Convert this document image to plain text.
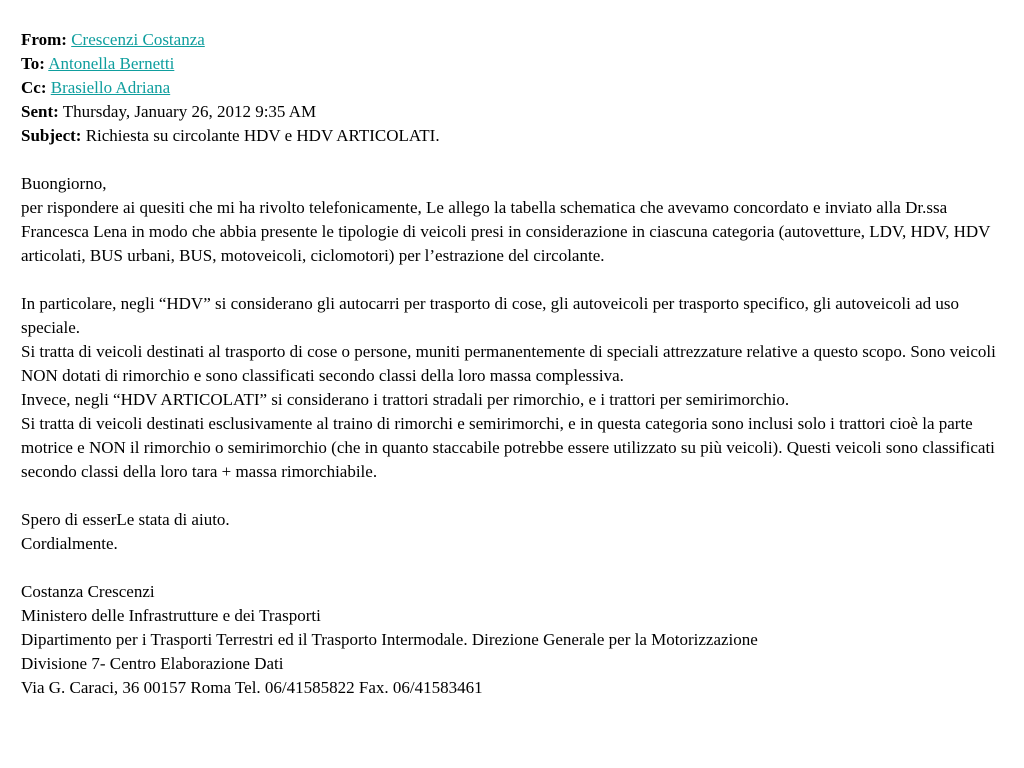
From: Crescenzi Costanza
To: Antonella Bernetti
Cc: Brasiello Adriana
Sent: Thursday, January 26, 2012 9:35 AM
Subject: Richiesta su circolante HDV e HDV ARTICOLATI.

Buongiorno,

per rispondere ai quesiti che mi ha rivolto telefonicamente, Le allego la tabella schematica che avevamo concordato e inviato alla Dr.ssa Francesca Lena in modo che abbia presente le tipologie di veicoli presi in considerazione in ciascuna categoria (autovetture, LDV, HDV, HDV articolati, BUS urbani, BUS, motoveicoli, ciclomotori) per l’estrazione del circolante.

In particolare, negli “HDV” si considerano gli autocarri per trasporto di cose, gli autoveicoli per trasporto specifico, gli autoveicoli ad uso speciale.

Si tratta di veicoli destinati al trasporto di cose o persone, muniti permanentemente di speciali attrezzature relative a questo scopo. Sono veicoli NON dotati di rimorchio e sono classificati secondo classi della loro massa complessiva.

Invece, negli “HDV ARTICOLATI” si considerano i trattori stradali per rimorchio, e i trattori per semirimorchio.

Si tratta di veicoli destinati esclusivamente al traino di rimorchi e semirimorchi, e in questa categoria sono inclusi solo i trattori cioè la parte motrice e NON il rimorchio o semirimorchio (che in quanto staccabile potrebbe essere utilizzato su più veicoli). Questi veicoli sono classificati secondo classi della loro tara + massa rimorchiabile.

Spero di esserLe stata di aiuto.

Cordialmente.

Costanza Crescenzi

Ministero delle Infrastrutture e dei Trasporti

Dipartimento per i Trasporti Terrestri ed il Trasporto Intermodale. Direzione Generale per la Motorizzazione

Divisione 7- Centro Elaborazione Dati

Via G. Caraci, 36 00157 Roma Tel. 06/41585822 Fax. 06/41583461
